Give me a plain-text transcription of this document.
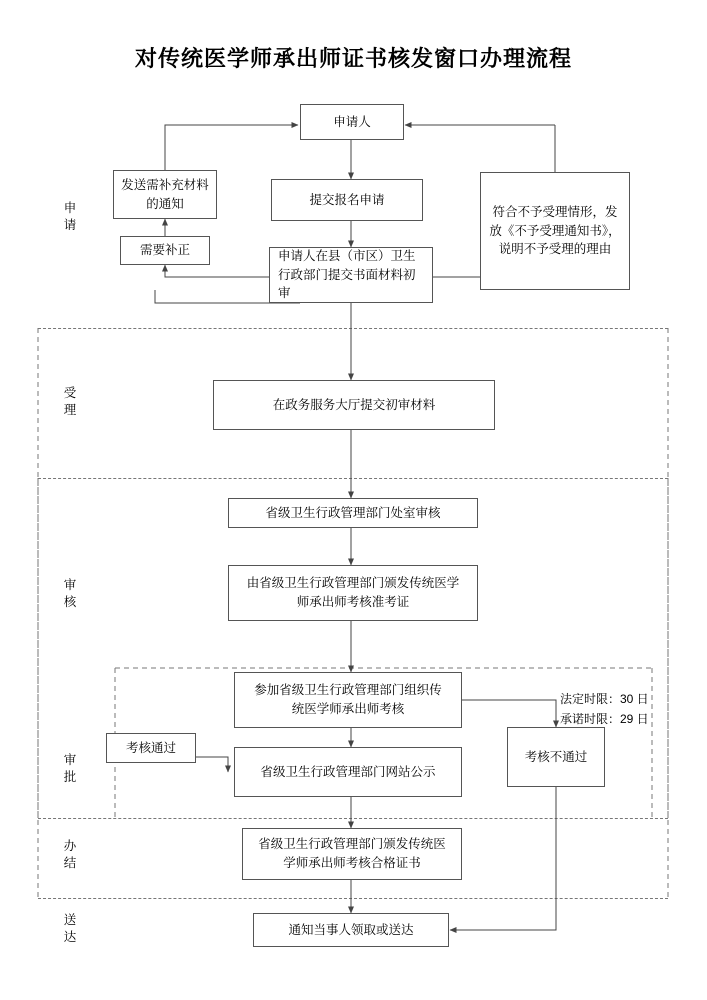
对传统医学师承出师证书核发窗口办理流程
申
请
受
理
审
核
审
批
办
结
送
达
申请人
发送需补充材料的通知	提交报名申请
符合不予受理情形，发放《不予受理通知书》，说明不予受理的理由
需要补正	申请人在县（市区）卫生行政部门提交书面材料初审
在政务服务大厅提交初审材料
省级卫生行政管理部门处室审核
由省级卫生行政管理部门颁发传统医学师承出师考核准考证
参加省级卫生行政管理部门组织传统医学师承出师考核
考核通过
考核不通过
省级卫生行政管理部门网站公示
省级卫生行政管理部门颁发传统医学师承出师考核合格证书
通知当事人领取或送达
法定时限：30 日
承诺时限：29 日
